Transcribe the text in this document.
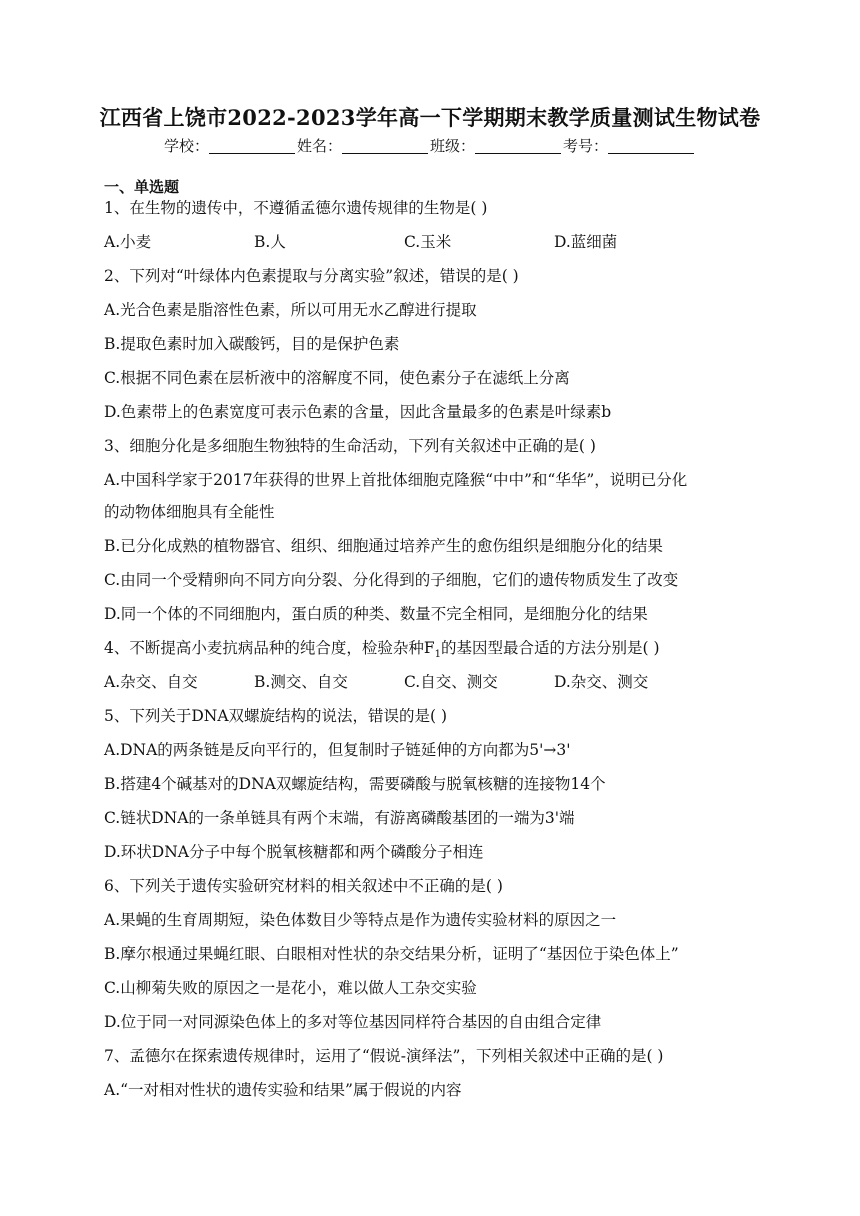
江西省上饶市2022-2023学年高一下学期期末教学质量测试生物试卷
学校：	姓名：	班级：	考号：
一、单选题
1、在生物的遗传中，不遵循孟德尔遗传规律的生物是( )
A.小麦	B.人	C.玉米	D.蓝细菌
2、下列对“叶绿体内色素提取与分离实验”叙述，错误的是( )
A.光合色素是脂溶性色素，所以可用无水乙醇进行提取
B.提取色素时加入碳酸钙，目的是保护色素
C.根据不同色素在层析液中的溶解度不同，使色素分子在滤纸上分离
D.色素带上的色素宽度可表示色素的含量，因此含量最多的色素是叶绿素b
3、细胞分化是多细胞生物独特的生命活动，下列有关叙述中正确的是( )
A.中国科学家于2017年获得的世界上首批体细胞克隆猴“中中”和“华华”，说明已分化
的动物体细胞具有全能性
B.已分化成熟的植物器官、组织、细胞通过培养产生的愈伤组织是细胞分化的结果
C.由同一个受精卵向不同方向分裂、分化得到的子细胞，它们的遗传物质发生了改变
D.同一个体的不同细胞内，蛋白质的种类、数量不完全相同，是细胞分化的结果
4、不断提高小麦抗病品种的纯合度，检验杂种$F_1$的基因型最合适的方法分别是( )
A.杂交、自交	B.测交、自交	C.自交、测交	D.杂交、测交
5、下列关于DNA双螺旋结构的说法，错误的是( )
A.DNA的两条链是反向平行的，但复制时子链延伸的方向都为5'→3'
B.搭建4个碱基对的DNA双螺旋结构，需要磷酸与脱氧核糖的连接物14个
C.链状DNA的一条单链具有两个末端，有游离磷酸基团的一端为3'端
D.环状DNA分子中每个脱氧核糖都和两个磷酸分子相连
6、下列关于遗传实验研究材料的相关叙述中不正确的是( )
A.果蝇的生育周期短，染色体数目少等特点是作为遗传实验材料的原因之一
B.摩尔根通过果蝇红眼、白眼相对性状的杂交结果分析，证明了“基因位于染色体上”
C.山柳菊失败的原因之一是花小，难以做人工杂交实验
D.位于同一对同源染色体上的多对等位基因同样符合基因的自由组合定律
7、孟德尔在探索遗传规律时，运用了“假说-演绎法”，下列相关叙述中正确的是( )
A.“一对相对性状的遗传实验和结果”属于假说的内容
